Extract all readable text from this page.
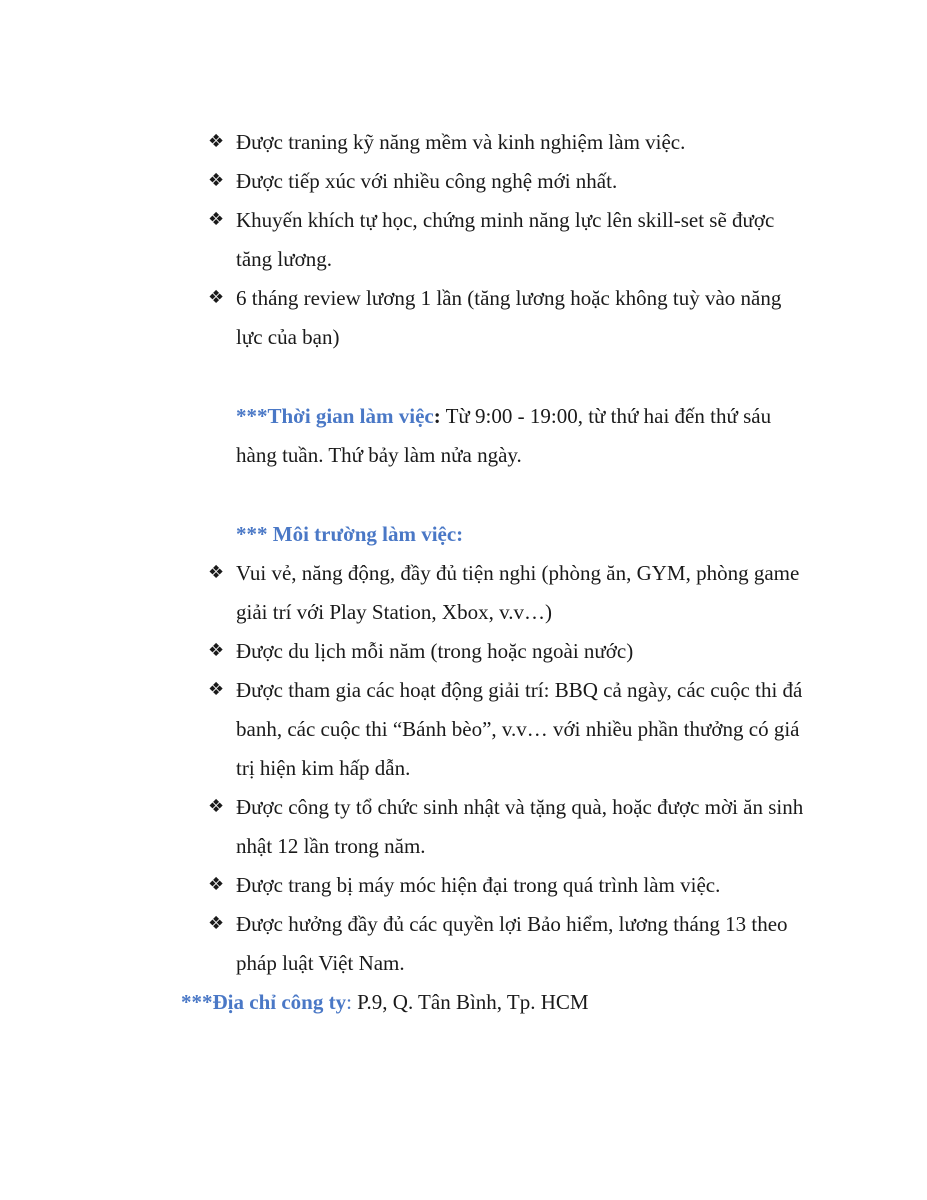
❖ Được traning kỹ năng mềm và kinh nghiệm làm việc.
❖ Được tiếp xúc với nhiều công nghệ mới nhất.
❖ Khuyến khích tự học, chứng minh năng lực lên skill-set sẽ được
tăng lương.
❖ 6 tháng review lương 1 lần (tăng lương hoặc không tuỳ vào năng
lực của bạn)
***Thời gian làm việc: Từ 9:00 - 19:00, từ thứ hai đến thứ sáu
hàng tuần. Thứ bảy làm nửa ngày.
*** Môi trường làm việc:
❖ Vui vẻ, năng động, đầy đủ tiện nghi (phòng ăn, GYM, phòng game
giải trí với Play Station, Xbox, v.v…)
❖ Được du lịch mỗi năm (trong hoặc ngoài nước)
❖ Được tham gia các hoạt động giải trí: BBQ cả ngày, các cuộc thi đá
banh, các cuộc thi “Bánh bèo”, v.v… với nhiều phần thưởng có giá
trị hiện kim hấp dẫn.
❖ Được công ty tổ chức sinh nhật và tặng quà, hoặc được mời ăn sinh
nhật 12 lần trong năm.
❖ Được trang bị máy móc hiện đại trong quá trình làm việc.
❖ Được hưởng đầy đủ các quyền lợi Bảo hiểm, lương tháng 13 theo
pháp luật Việt Nam.
***Địa chỉ công ty: P.9, Q. Tân Bình, Tp. HCM
